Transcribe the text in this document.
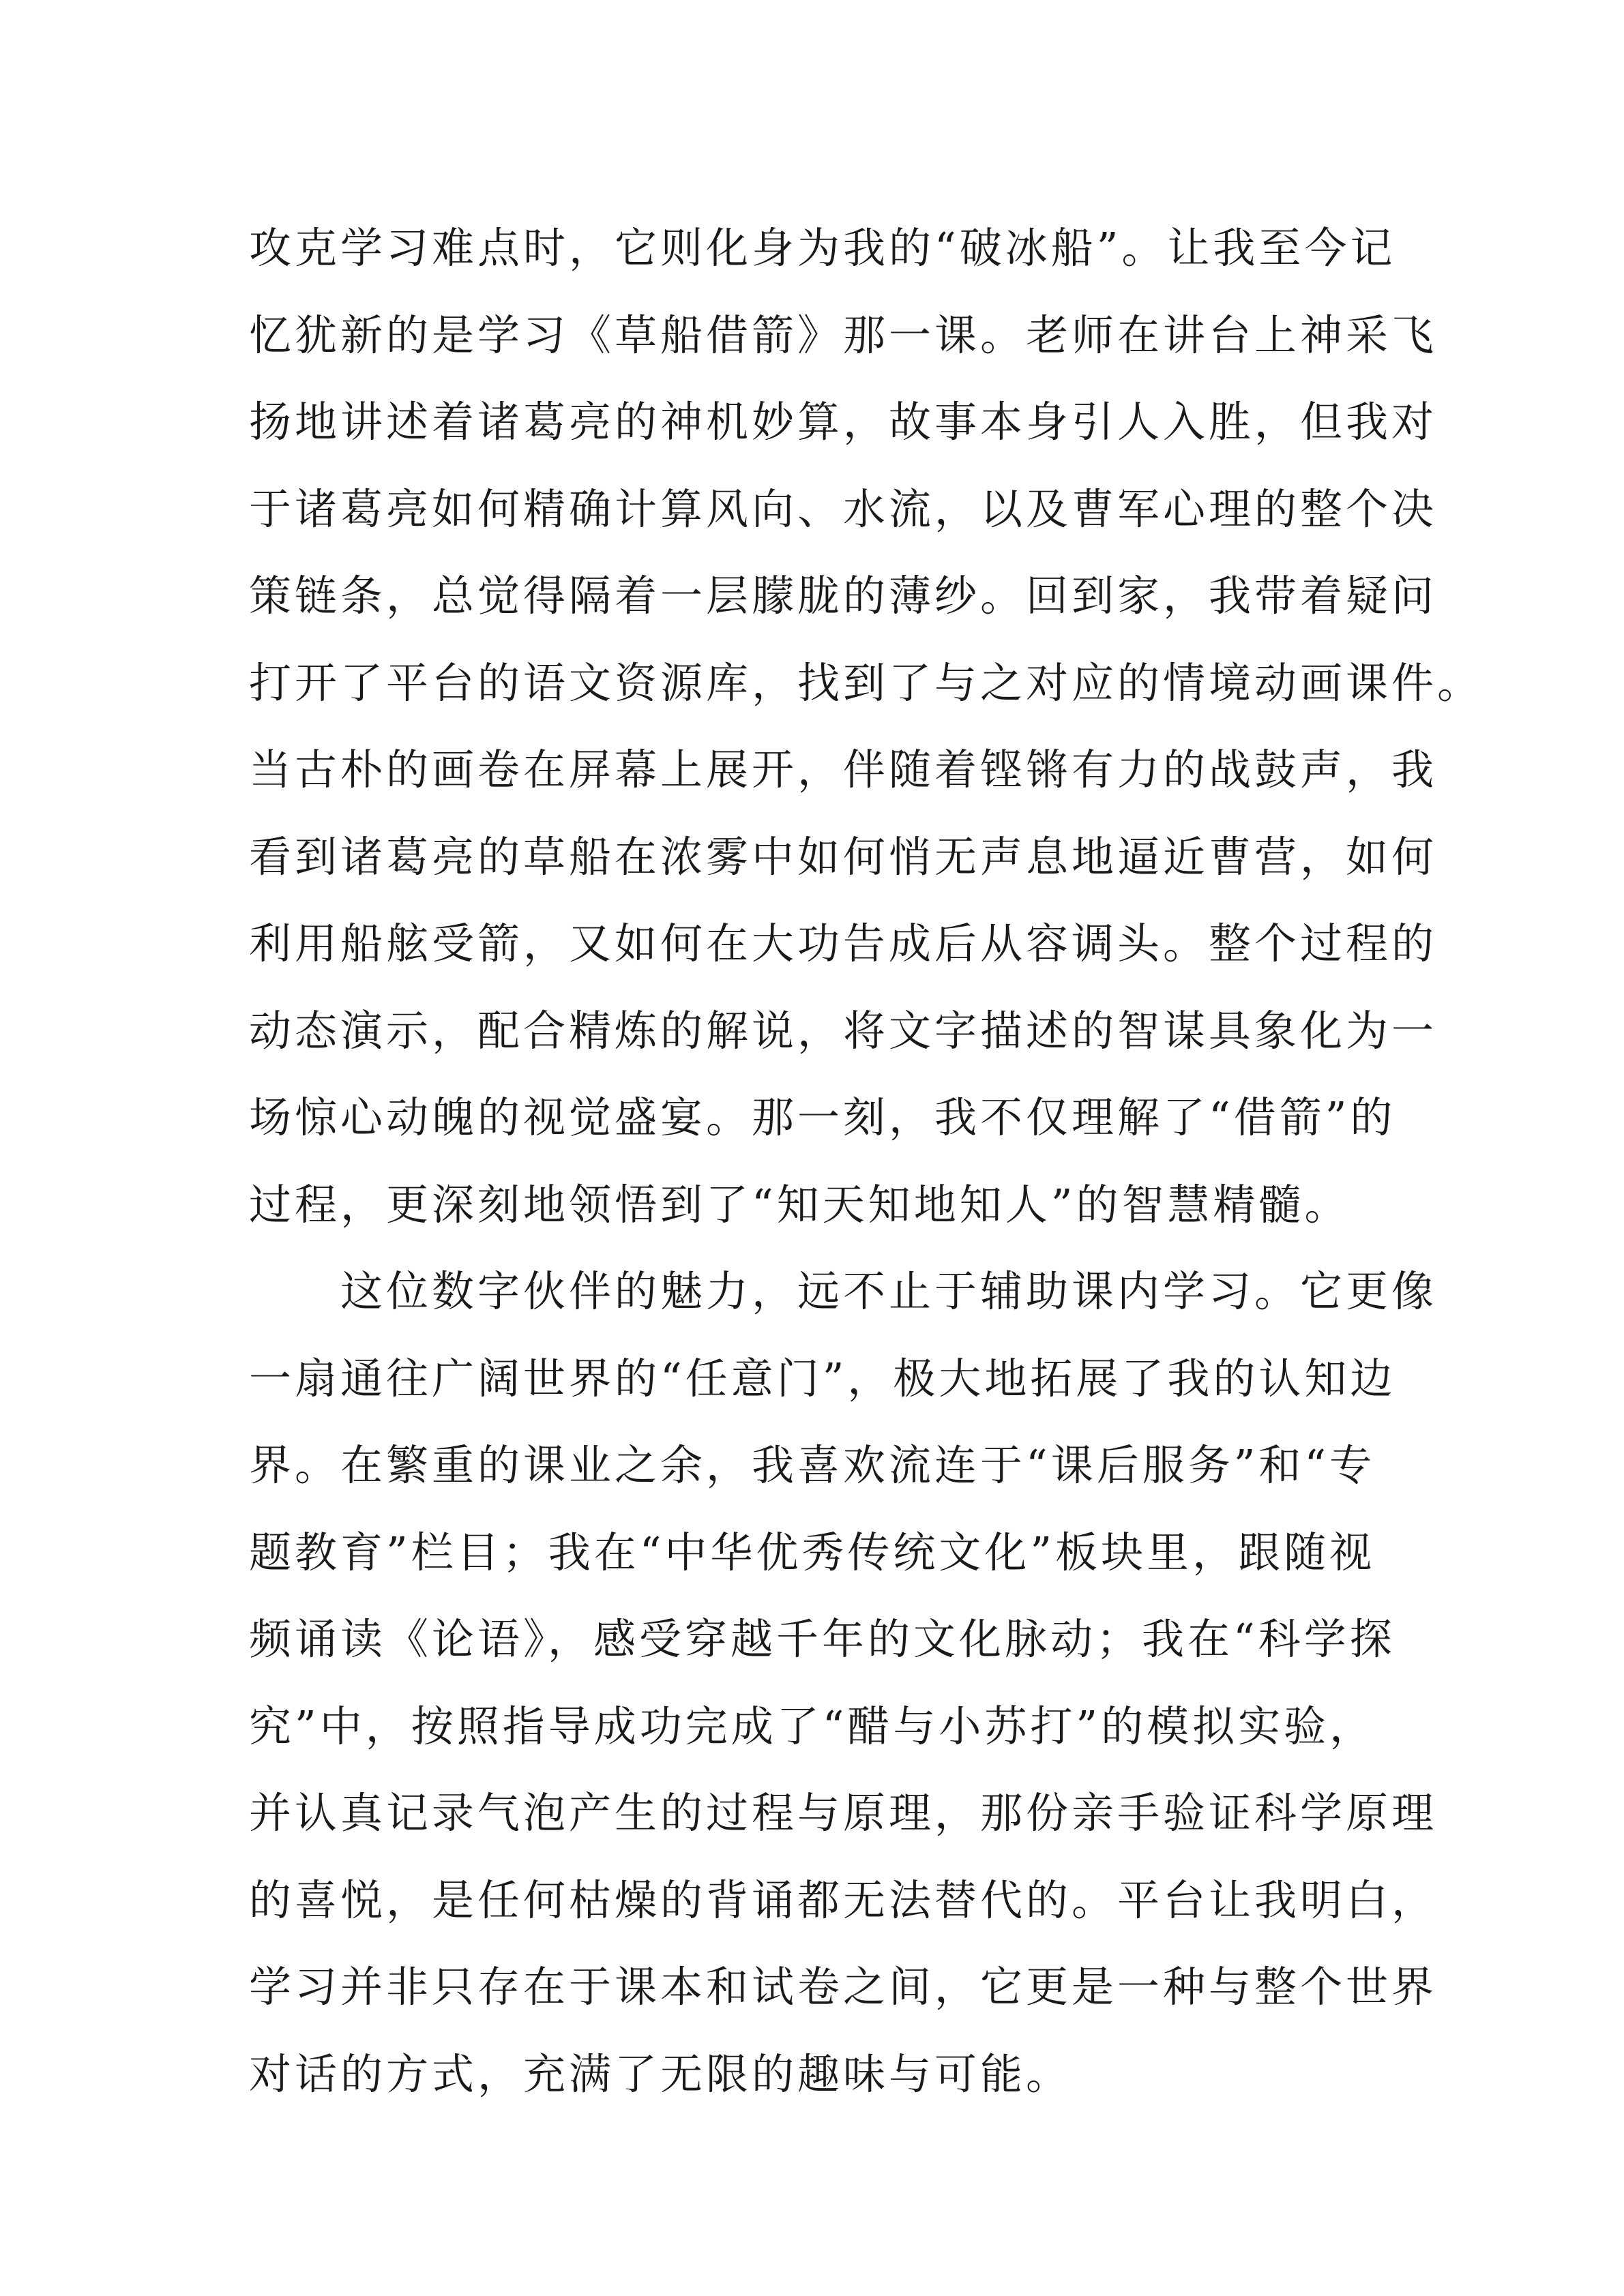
攻克学习难点时，它则化身为我的“破冰船”。让我至今记
忆犹新的是学习《草船借箭》那一课。老师在讲台上神采飞
扬地讲述着诸葛亮的神机妙算，故事本身引人入胜，但我对
于诸葛亮如何精确计算风向、水流，以及曹军心理的整个决
策链条，总觉得隔着一层朦胧的薄纱。回到家，我带着疑问
打开了平台的语文资源库，找到了与之对应的情境动画课件。
当古朴的画卷在屏幕上展开，伴随着铿锵有力的战鼓声，我
看到诸葛亮的草船在浓雾中如何悄无声息地逼近曹营，如何
利用船舷受箭，又如何在大功告成后从容调头。整个过程的
动态演示，配合精炼的解说，将文字描述的智谋具象化为一
场惊心动魄的视觉盛宴。那一刻，我不仅理解了“借箭”的
过程，更深刻地领悟到了“知天知地知人”的智慧精髓。
这位数字伙伴的魅力，远不止于辅助课内学习。它更像
一扇通往广阔世界的“任意门”，极大地拓展了我的认知边
界。在繁重的课业之余，我喜欢流连于“课后服务”和“专
题教育”栏目；我在“中华优秀传统文化”板块里，跟随视
频诵读《论语》，感受穿越千年的文化脉动；我在“科学探
究”中，按照指导成功完成了“醋与小苏打”的模拟实验，
并认真记录气泡产生的过程与原理，那份亲手验证科学原理
的喜悦，是任何枯燥的背诵都无法替代的。平台让我明白，
学习并非只存在于课本和试卷之间，它更是一种与整个世界
对话的方式，充满了无限的趣味与可能。
